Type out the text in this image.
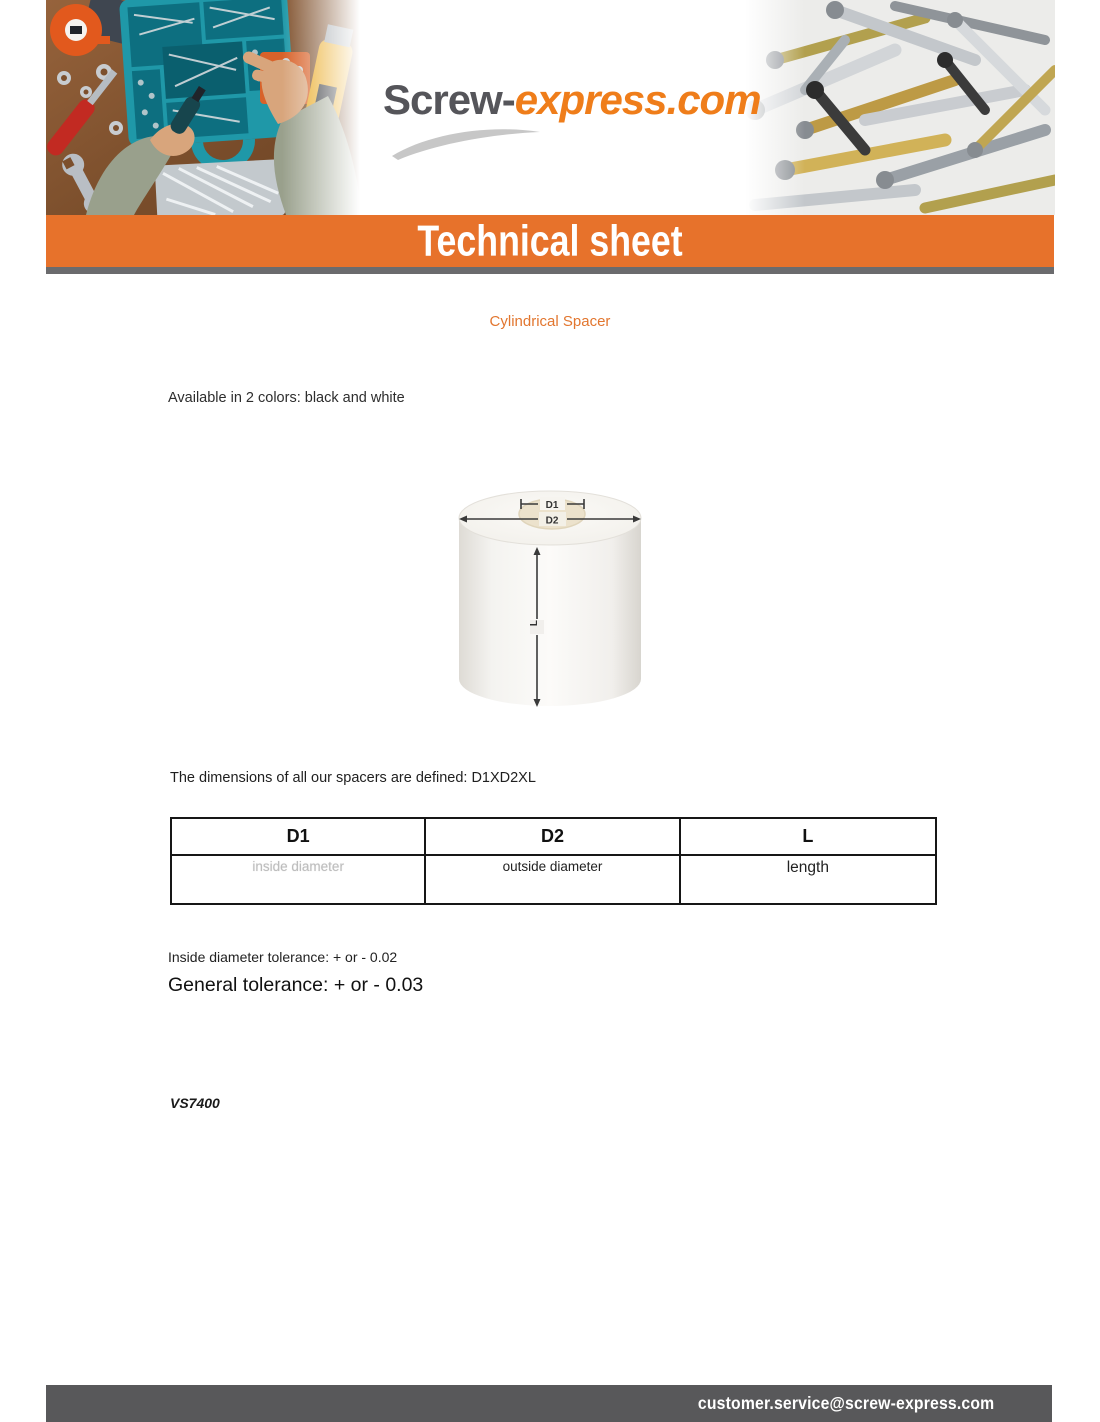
Screw-express.com
Technical sheet
Cylindrical Spacer
Available in 2 colors: black and white
D1
D2
L
The dimensions of all our spacers are defined: D1XD2XL
D1	D2	L
inside diameter	outside diameter	length
Inside diameter tolerance: + or - 0.02
General tolerance: + or - 0.03
VS7400
customer.service@screw-express.com
